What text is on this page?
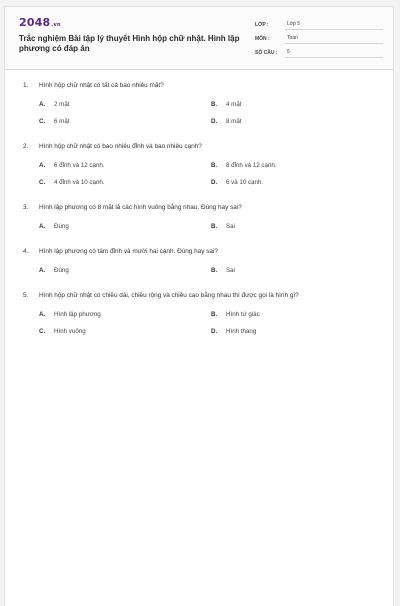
2048.vn
Trắc nghiệm Bài tập lý thuyết Hình hộp chữ nhật. Hình lập phương có đáp án
LỚP :	Lớp 5
MÔN :	Toán
SỐ CÂU :	5
1.	Hình hộp chữ nhật có tất cả bao nhiêu mặt?
A.	2 mặt	B.	4 mặt
C.	6 mặt	D.	8 mặt
2.	Hình hộp chữ nhật có bao nhiêu đỉnh và bao nhiêu cạnh?
A.	6 đỉnh và 12 cạnh.	B.	8 đỉnh và 12 cạnh.
C.	4 đỉnh và 10 cạnh.	D.	6 và 10 cạnh.
3.	Hình lập phương có 8 mặt là các hình vuông bằng nhau. Đúng hay sai?
A.	Đúng	B.	Sai
4.	Hình lập phương có tám đỉnh và mười hai cạnh. Đúng hay sai?
A.	Đúng	B.	Sai
5.	Hình hộp chữ nhật có chiều dài, chiều rộng và chiều cao bằng nhau thì được gọi là hình gì?
A.	Hình lập phương	B.	Hình tứ giác
C.	Hình vuông	D.	Hình thang
